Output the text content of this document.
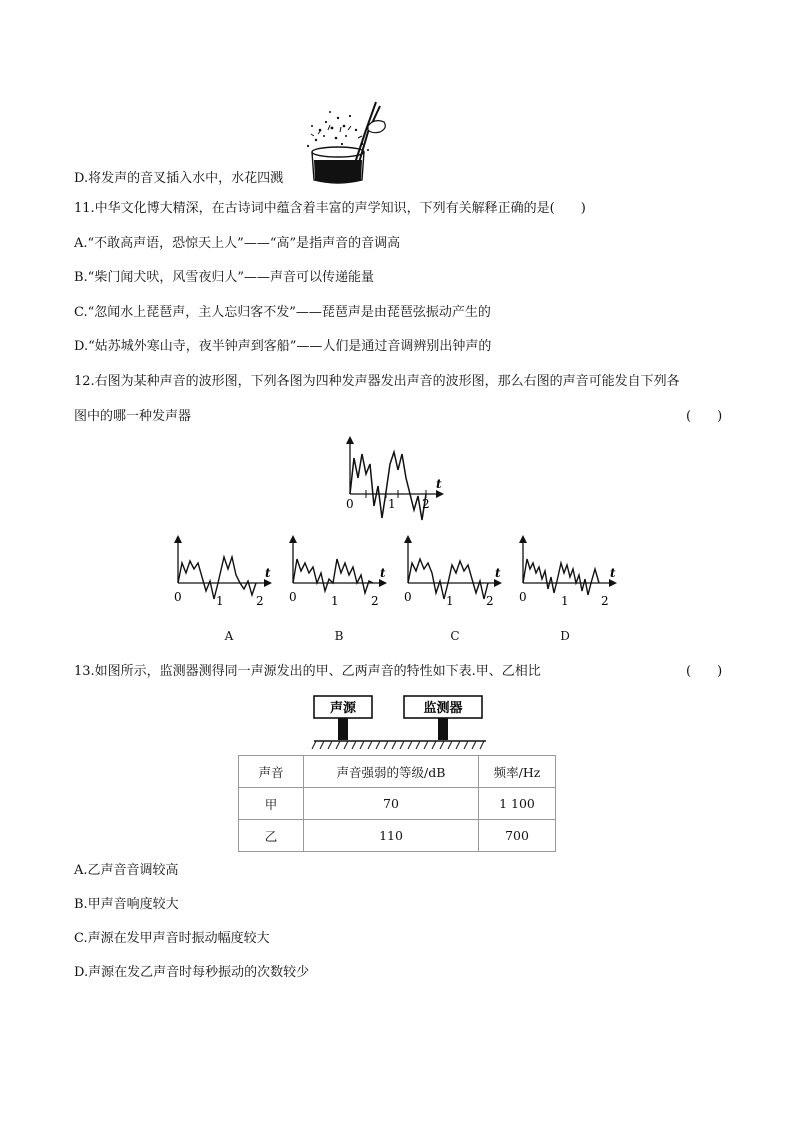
D.将发声的音叉插入水中，水花四溅
11.中华文化博大精深，在古诗词中蕴含着丰富的声学知识，下列有关解释正确的是(　　)
A.“不敢高声语，恐惊天上人”——“高”是指声音的音调高
B.“柴门闻犬吠，风雪夜归人”——声音可以传递能量
C.“忽闻水上琵琶声，主人忘归客不发”——琵琶声是由琵琶弦振动产生的
D.“姑苏城外寒山寺，夜半钟声到客船”——人们是通过音调辨别出钟声的
12.右图为某种声音的波形图，下列各图为四种发声器发出声音的波形图，那么右图的声音可能发自下列各
图中的哪一种发声器	(　　)
t
0	1 2
t
0	1	2
t
0	1	2
t
0	1	2
t
0	1	2
A	B	C	D
13.如图所示，监测器测得同一声源发出的甲、乙两声音的特性如下表.甲、乙相比	(　　)
声源	监测器
声音	声音强弱的等级/dB	频率/Hz
甲	70	1 100
乙	110	700
A.乙声音音调较高
B.甲声音响度较大
C.声源在发甲声音时振动幅度较大
D.声源在发乙声音时每秒振动的次数较少
